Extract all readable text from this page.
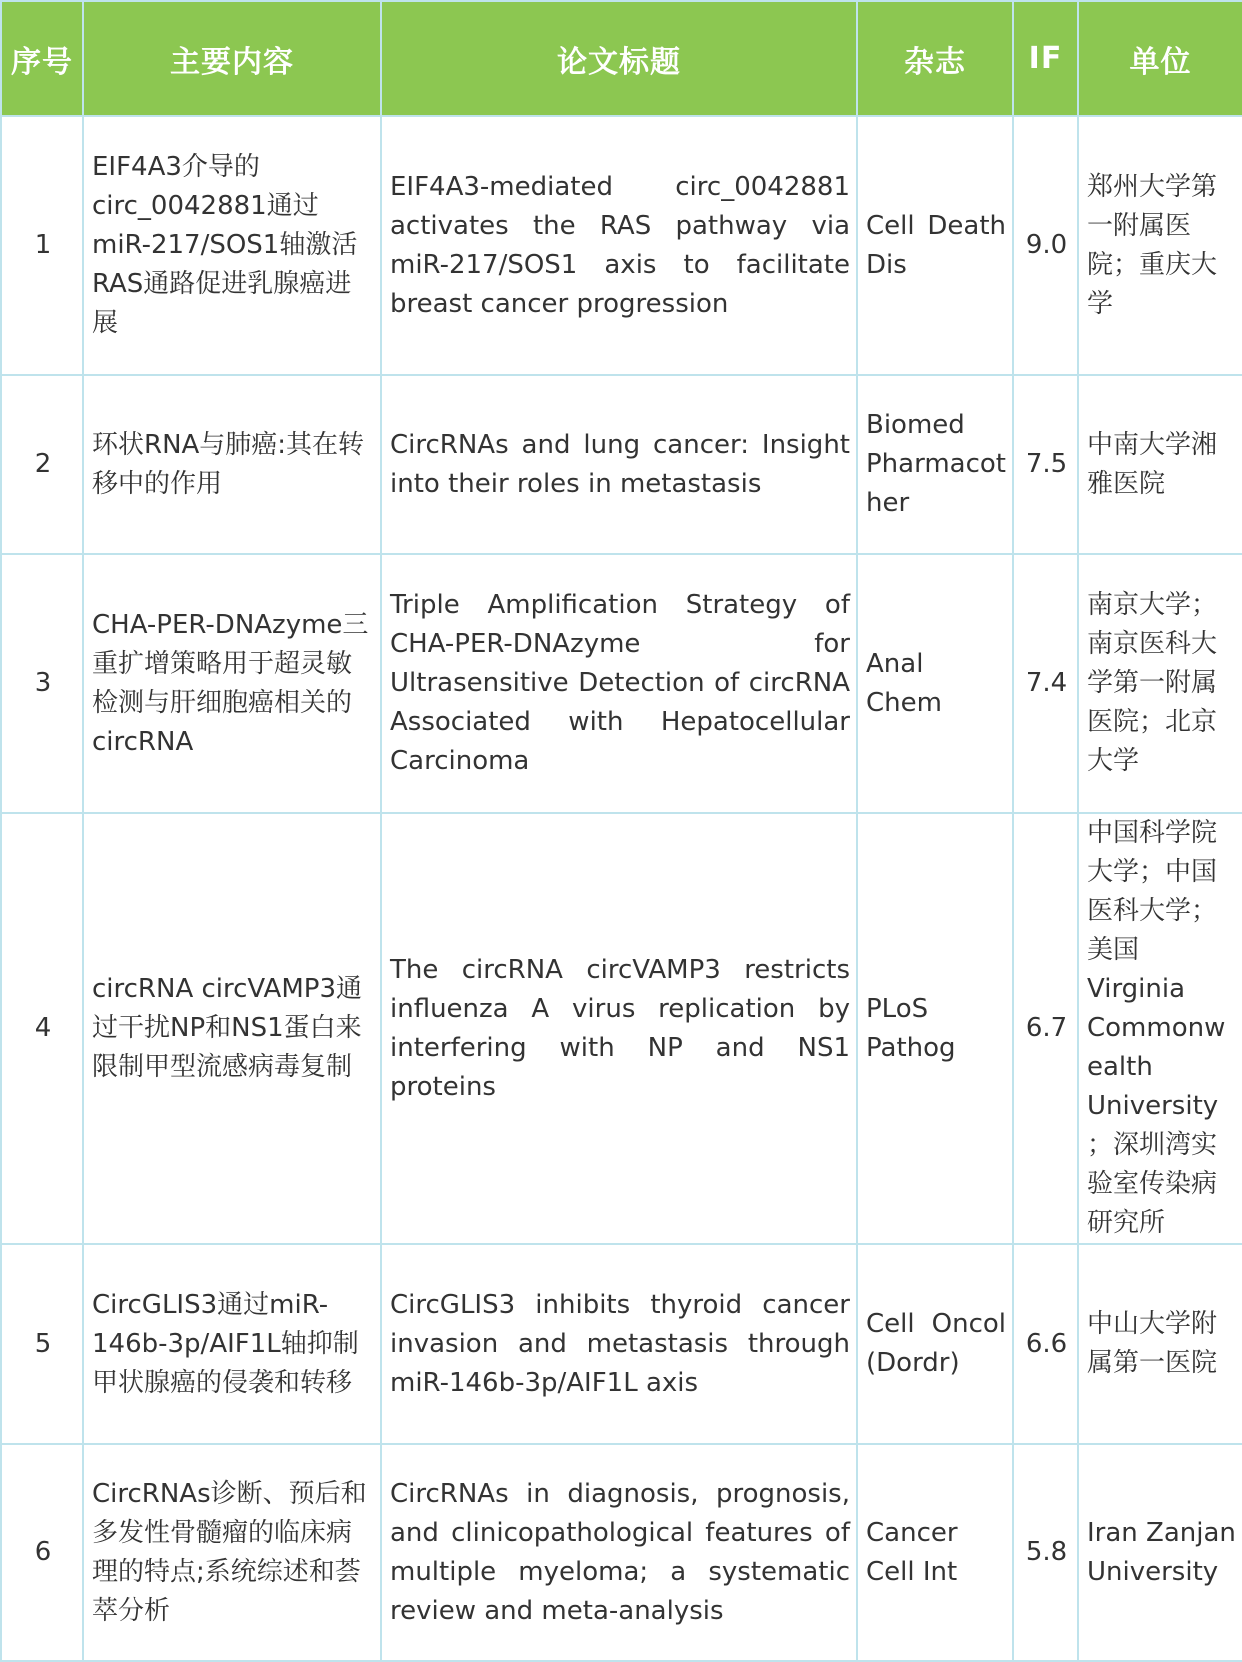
序号	主要内容	论文标题	杂志	IF	单位
1	EIF4A3介导的circ_0042881通过miR-217/SOS1轴激活RAS通路促进乳腺癌进展	EIF4A3-mediated circ_0042881 activates the RAS pathway via miR-217/SOS1 axis to facilitate breast cancer progression	Cell Death Dis	9.0	郑州大学第一附属医院；重庆大学
2	环状RNA与肺癌:其在转移中的作用	CircRNAs and lung cancer: Insight into their roles in metastasis	Biomed Pharmacother	7.5	中南大学湘雅医院
3	CHA-PER-DNAzyme三重扩增策略用于超灵敏检测与肝细胞癌相关的circRNA	Triple Amplification Strategy of CHA-PER-DNAzyme for Ultrasensitive Detection of circRNA Associated with Hepatocellular Carcinoma	Anal Chem	7.4	南京大学；南京医科大学第一附属医院；北京大学
4	circRNA circVAMP3通过干扰NP和NS1蛋白来限制甲型流感病毒复制	The circRNA circVAMP3 restricts influenza A virus replication by interfering with NP and NS1 proteins	PLoS Pathog	6.7	中国科学院大学；中国医科大学；美国Virginia Commonwealth University；深圳湾实验室传染病研究所
5	CircGLIS3通过miR-146b-3p/AIF1L轴抑制甲状腺癌的侵袭和转移	CircGLIS3 inhibits thyroid cancer invasion and metastasis through miR-146b-3p/AIF1L axis	Cell Oncol (Dordr)	6.6	中山大学附属第一医院
6	CircRNAs诊断、预后和多发性骨髓瘤的临床病理的特点;系统综述和荟萃分析	CircRNAs in diagnosis, prognosis, and clinicopathological features of multiple myeloma; a systematic review and meta-analysis	Cancer Cell Int	5.8	Iran Zanjan University
